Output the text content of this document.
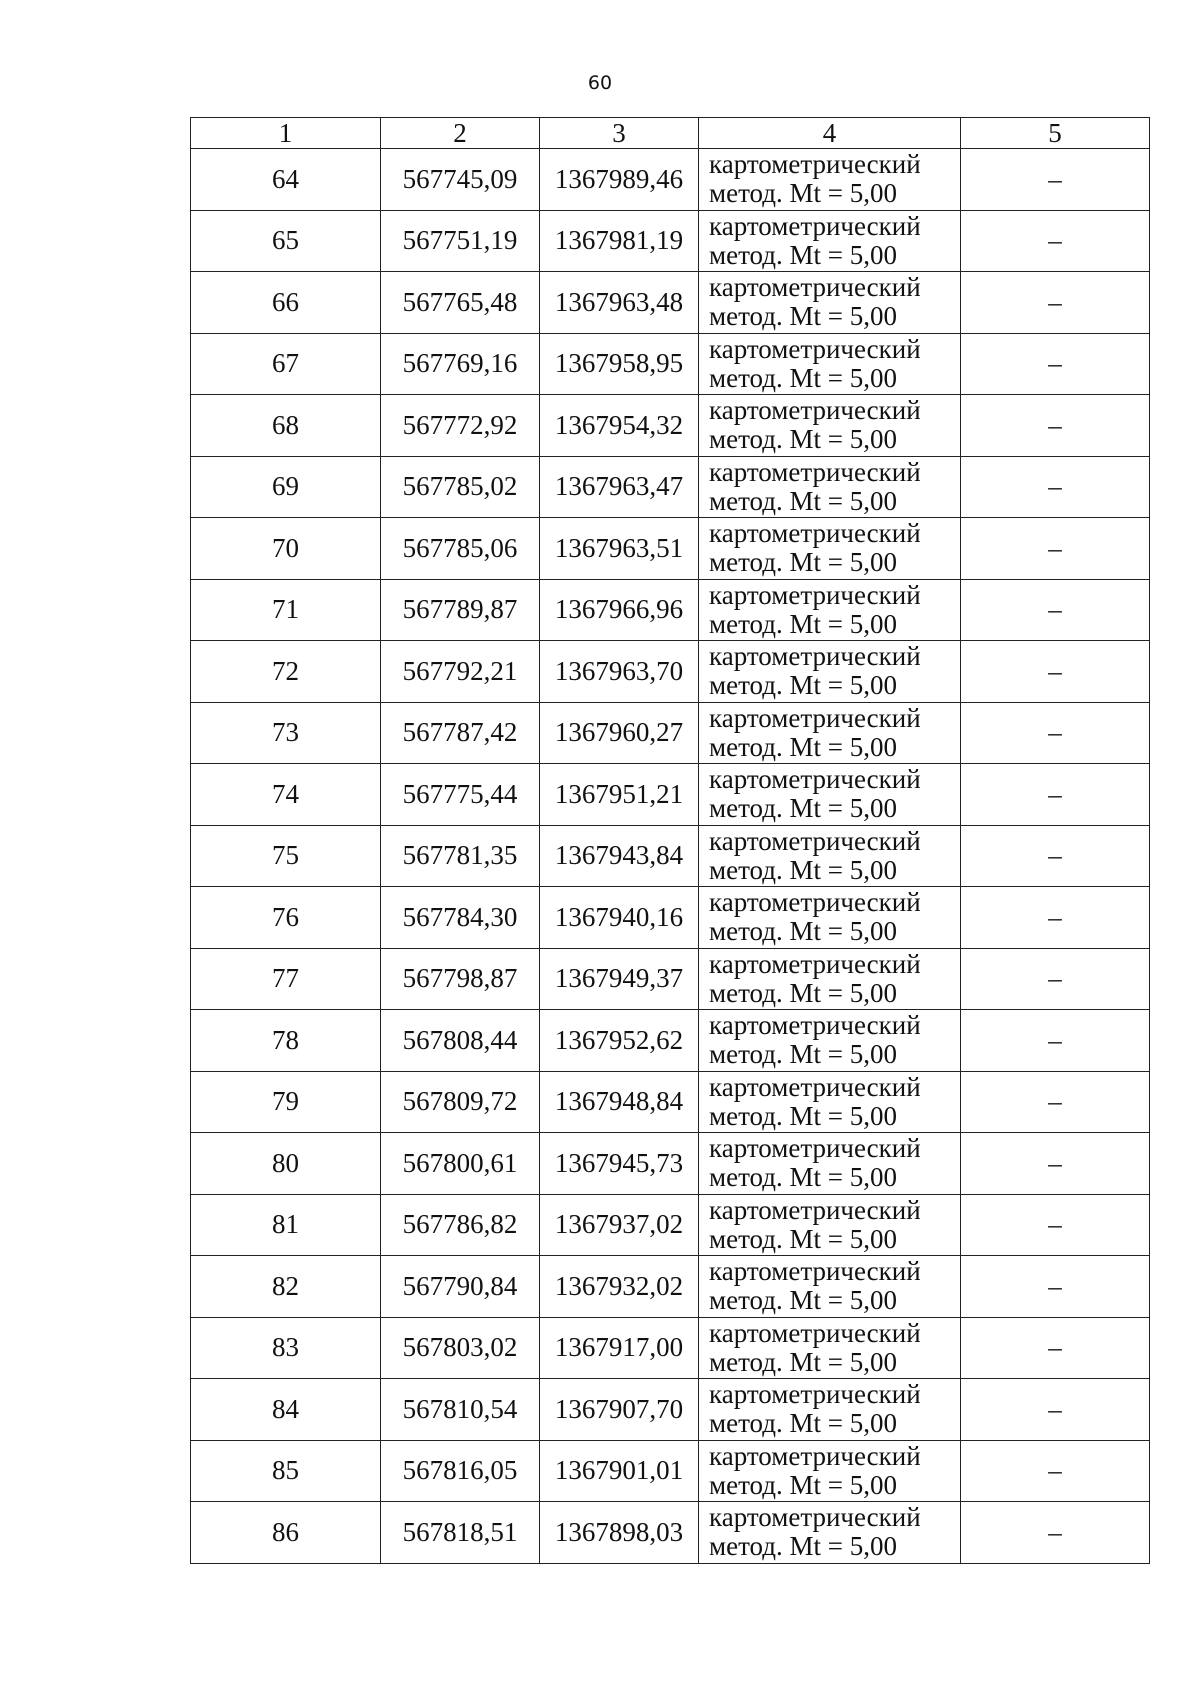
60
1	2	3	4	5
64	567745,09	1367989,46	картометрический
метод. Mt = 5,00	–
65	567751,19	1367981,19	картометрический
метод. Mt = 5,00	–
66	567765,48	1367963,48	картометрический
метод. Mt = 5,00	–
67	567769,16	1367958,95	картометрический
метод. Mt = 5,00	–
68	567772,92	1367954,32	картометрический
метод. Mt = 5,00	–
69	567785,02	1367963,47	картометрический
метод. Mt = 5,00	–
70	567785,06	1367963,51	картометрический
метод. Mt = 5,00	–
71	567789,87	1367966,96	картометрический
метод. Mt = 5,00	–
72	567792,21	1367963,70	картометрический
метод. Mt = 5,00	–
73	567787,42	1367960,27	картометрический
метод. Mt = 5,00	–
74	567775,44	1367951,21	картометрический
метод. Mt = 5,00	–
75	567781,35	1367943,84	картометрический
метод. Mt = 5,00	–
76	567784,30	1367940,16	картометрический
метод. Mt = 5,00	–
77	567798,87	1367949,37	картометрический
метод. Mt = 5,00	–
78	567808,44	1367952,62	картометрический
метод. Mt = 5,00	–
79	567809,72	1367948,84	картометрический
метод. Mt = 5,00	–
80	567800,61	1367945,73	картометрический
метод. Mt = 5,00	–
81	567786,82	1367937,02	картометрический
метод. Mt = 5,00	–
82	567790,84	1367932,02	картометрический
метод. Mt = 5,00	–
83	567803,02	1367917,00	картометрический
метод. Mt = 5,00	–
84	567810,54	1367907,70	картометрический
метод. Mt = 5,00	–
85	567816,05	1367901,01	картометрический
метод. Mt = 5,00	–
86	567818,51	1367898,03	картометрический
метод. Mt = 5,00	–
